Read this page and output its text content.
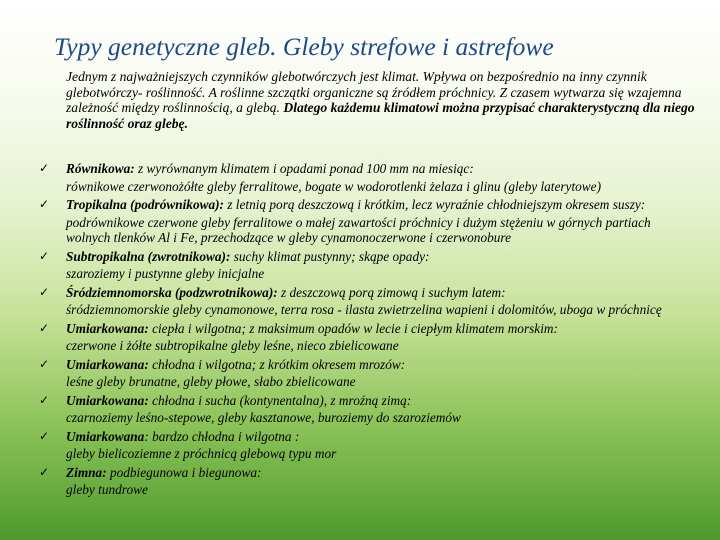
Typy genetyczne gleb. Gleby strefowe i astrefowe
Jednym z najważniejszych czynników glebotwórczych jest klimat. Wpływa on bezpośrednio na inny czynnik glebotwórczy- roślinność. A roślinne szczątki organiczne są źródłem próchnicy. Z czasem wytwarza się wzajemna zależność między roślinnością, a glebą. Dlatego każdemu klimatowi można przypisać charakterystyczną dla niego roślinność oraz glebę.
✓ Równikowa: z wyrównanym klimatem i opadami ponad 100 mm na miesiąc:
równikowe czerwonożółte gleby ferralitowe, bogate w wodorotlenki żelaza i glinu (gleby laterytowe)
✓ Tropikalna (podrównikowa): z letnią porą deszczową i krótkim, lecz wyraźnie chłodniejszym okresem suszy:
podrównikowe czerwone gleby ferralitowe o małej zawartości próchnicy i dużym stężeniu w górnych partiach wolnych tlenków Al i Fe, przechodzące w gleby cynamonoczerwone i czerwonobure
✓ Subtropikalna (zwrotnikowa): suchy klimat pustynny; skąpe opady:
szaroziemy i pustynne gleby inicjalne
✓ Śródziemnomorska (podzwrotnikowa): z deszczową porą zimową i suchym latem:
śródziemnomorskie gleby cynamonowe, terra rosa - ilasta zwietrzelina wapieni i dolomitów, uboga w próchnicę
✓ Umiarkowana: ciepła i wilgotna; z maksimum opadów w lecie i ciepłym klimatem morskim:
czerwone i żółte subtropikalne gleby leśne, nieco zbielicowane
✓ Umiarkowana: chłodna i wilgotna; z krótkim okresem mrozów:
leśne gleby brunatne, gleby płowe, słabo zbielicowane
✓ Umiarkowana: chłodna i sucha (kontynentalna), z mroźną zimą:
czarnoziemy leśno-stepowe, gleby kasztanowe, buroziemy do szaroziemów
✓ Umiarkowana: bardzo chłodna i wilgotna :
gleby bielicoziemne z próchnicą glebową typu mor
✓ Zimna: podbiegunowa i biegunowa:
gleby tundrowe
